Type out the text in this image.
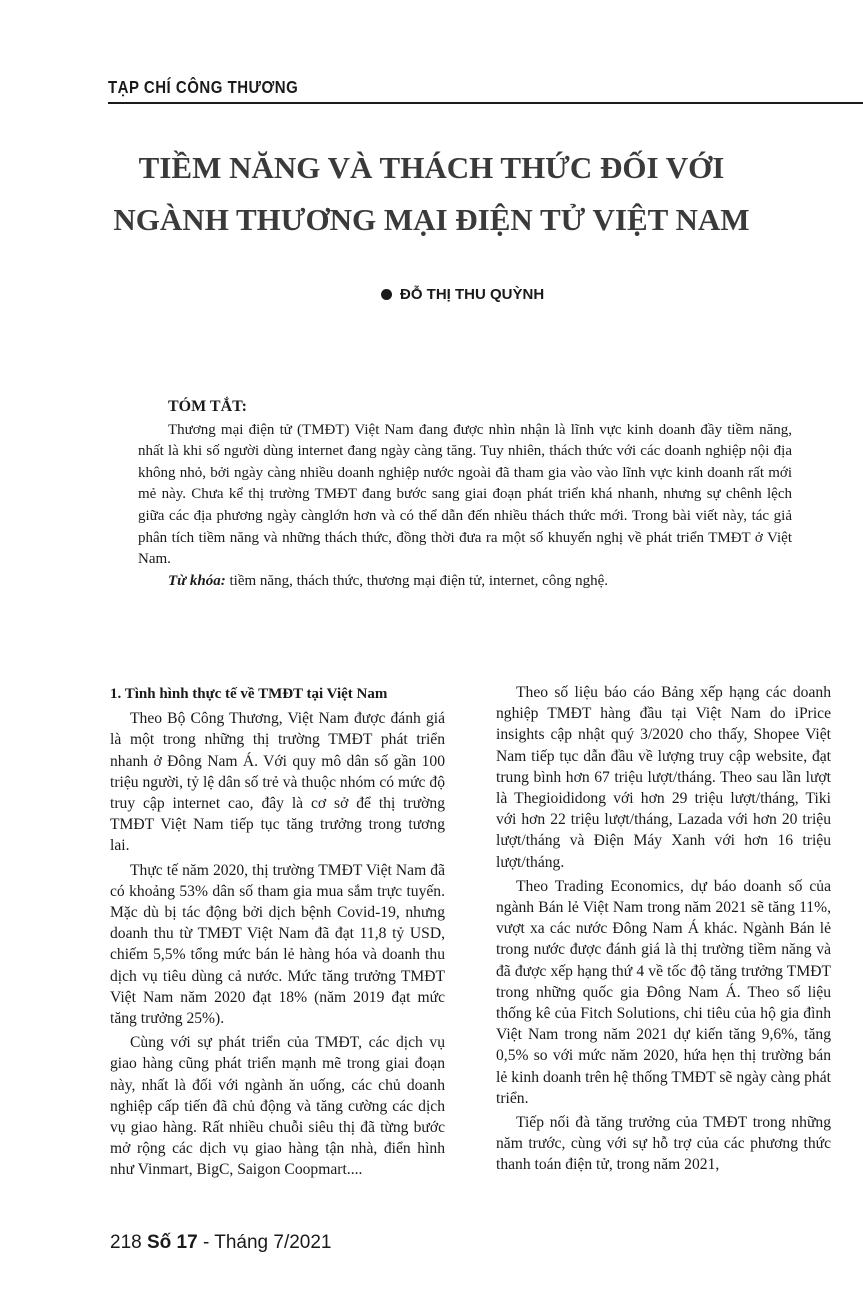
TẠP CHÍ CÔNG THƯƠNG
TIỀM NĂNG VÀ THÁCH THỨC ĐỐI VỚI
NGÀNH THƯƠNG MẠI ĐIỆN TỬ VIỆT NAM
ĐỖ THỊ THU QUỲNH
TÓM TẮT:

Thương mại điện tử (TMĐT) Việt Nam đang được nhìn nhận là lĩnh vực kinh doanh đầy tiềm năng, nhất là khi số người dùng internet đang ngày càng tăng. Tuy nhiên, thách thức với các doanh nghiệp nội địa không nhỏ, bởi ngày càng nhiều doanh nghiệp nước ngoài đã tham gia vào vào lĩnh vực kinh doanh rất mới mẻ này. Chưa kể thị trường TMĐT đang bước sang giai đoạn phát triển khá nhanh, nhưng sự chênh lệch giữa các địa phương ngày cànglớn hơn và có thể dẫn đến nhiều thách thức mới. Trong bài viết này, tác giả phân tích tiềm năng và những thách thức, đồng thời đưa ra một số khuyến nghị về phát triển TMĐT ở Việt Nam.

Từ khóa: tiềm năng, thách thức, thương mại điện tử, internet, công nghệ.

1. Tình hình thực tế về TMĐT tại Việt Nam

Theo Bộ Công Thương, Việt Nam được đánh giá là một trong những thị trường TMĐT phát triển nhanh ở Đông Nam Á. Với quy mô dân số gần 100 triệu người, tỷ lệ dân số trẻ và thuộc nhóm có mức độ truy cập internet cao, đây là cơ sở để thị trường TMĐT Việt Nam tiếp tục tăng trưởng trong tương lai.

Thực tế năm 2020, thị trường TMĐT Việt Nam đã có khoảng 53% dân số tham gia mua sắm trực tuyến. Mặc dù bị tác động bởi dịch bệnh Covid-19, nhưng doanh thu từ TMĐT Việt Nam đã đạt 11,8 tỷ USD, chiếm 5,5% tổng mức bán lẻ hàng hóa và doanh thu dịch vụ tiêu dùng cả nước. Mức tăng trưởng TMĐT Việt Nam năm 2020 đạt 18% (năm 2019 đạt mức tăng trưởng 25%).

Cùng với sự phát triển của TMĐT, các dịch vụ giao hàng cũng phát triển mạnh mẽ trong giai đoạn này, nhất là đối với ngành ăn uống, các chủ doanh nghiệp cấp tiến đã chủ động và tăng cường các dịch vụ giao hàng. Rất nhiều chuỗi siêu thị đã từng bước mở rộng các dịch vụ giao hàng tận nhà, điển hình như Vinmart, BigC, Saigon Coopmart....

Theo số liệu báo cáo Bảng xếp hạng các doanh nghiệp TMĐT hàng đầu tại Việt Nam do iPrice insights cập nhật quý 3/2020 cho thấy, Shopee Việt Nam tiếp tục dẫn đầu về lượng truy cập website, đạt trung bình hơn 67 triệu lượt/tháng. Theo sau lần lượt là Thegioididong với hơn 29 triệu lượt/tháng, Tiki với hơn 22 triệu lượt/tháng, Lazada với hơn 20 triệu lượt/tháng và Điện Máy Xanh với hơn 16 triệu lượt/tháng.

Theo Trading Economics, dự báo doanh số của ngành Bán lẻ Việt Nam trong năm 2021 sẽ tăng 11%, vượt xa các nước Đông Nam Á khác. Ngành Bán lẻ trong nước được đánh giá là thị trường tiềm năng và đã được xếp hạng thứ 4 về tốc độ tăng trưởng TMĐT trong những quốc gia Đông Nam Á. Theo số liệu thống kê của Fitch Solutions, chi tiêu của hộ gia đình Việt Nam trong năm 2021 dự kiến tăng 9,6%, tăng 0,5% so với mức năm 2020, hứa hẹn thị trường bán lẻ kinh doanh trên hệ thống TMĐT sẽ ngày càng phát triển.

Tiếp nối đà tăng trưởng của TMĐT trong những năm trước, cùng với sự hỗ trợ của các phương thức thanh toán điện tử, trong năm 2021,

218 Số 17 - Tháng 7/2021
